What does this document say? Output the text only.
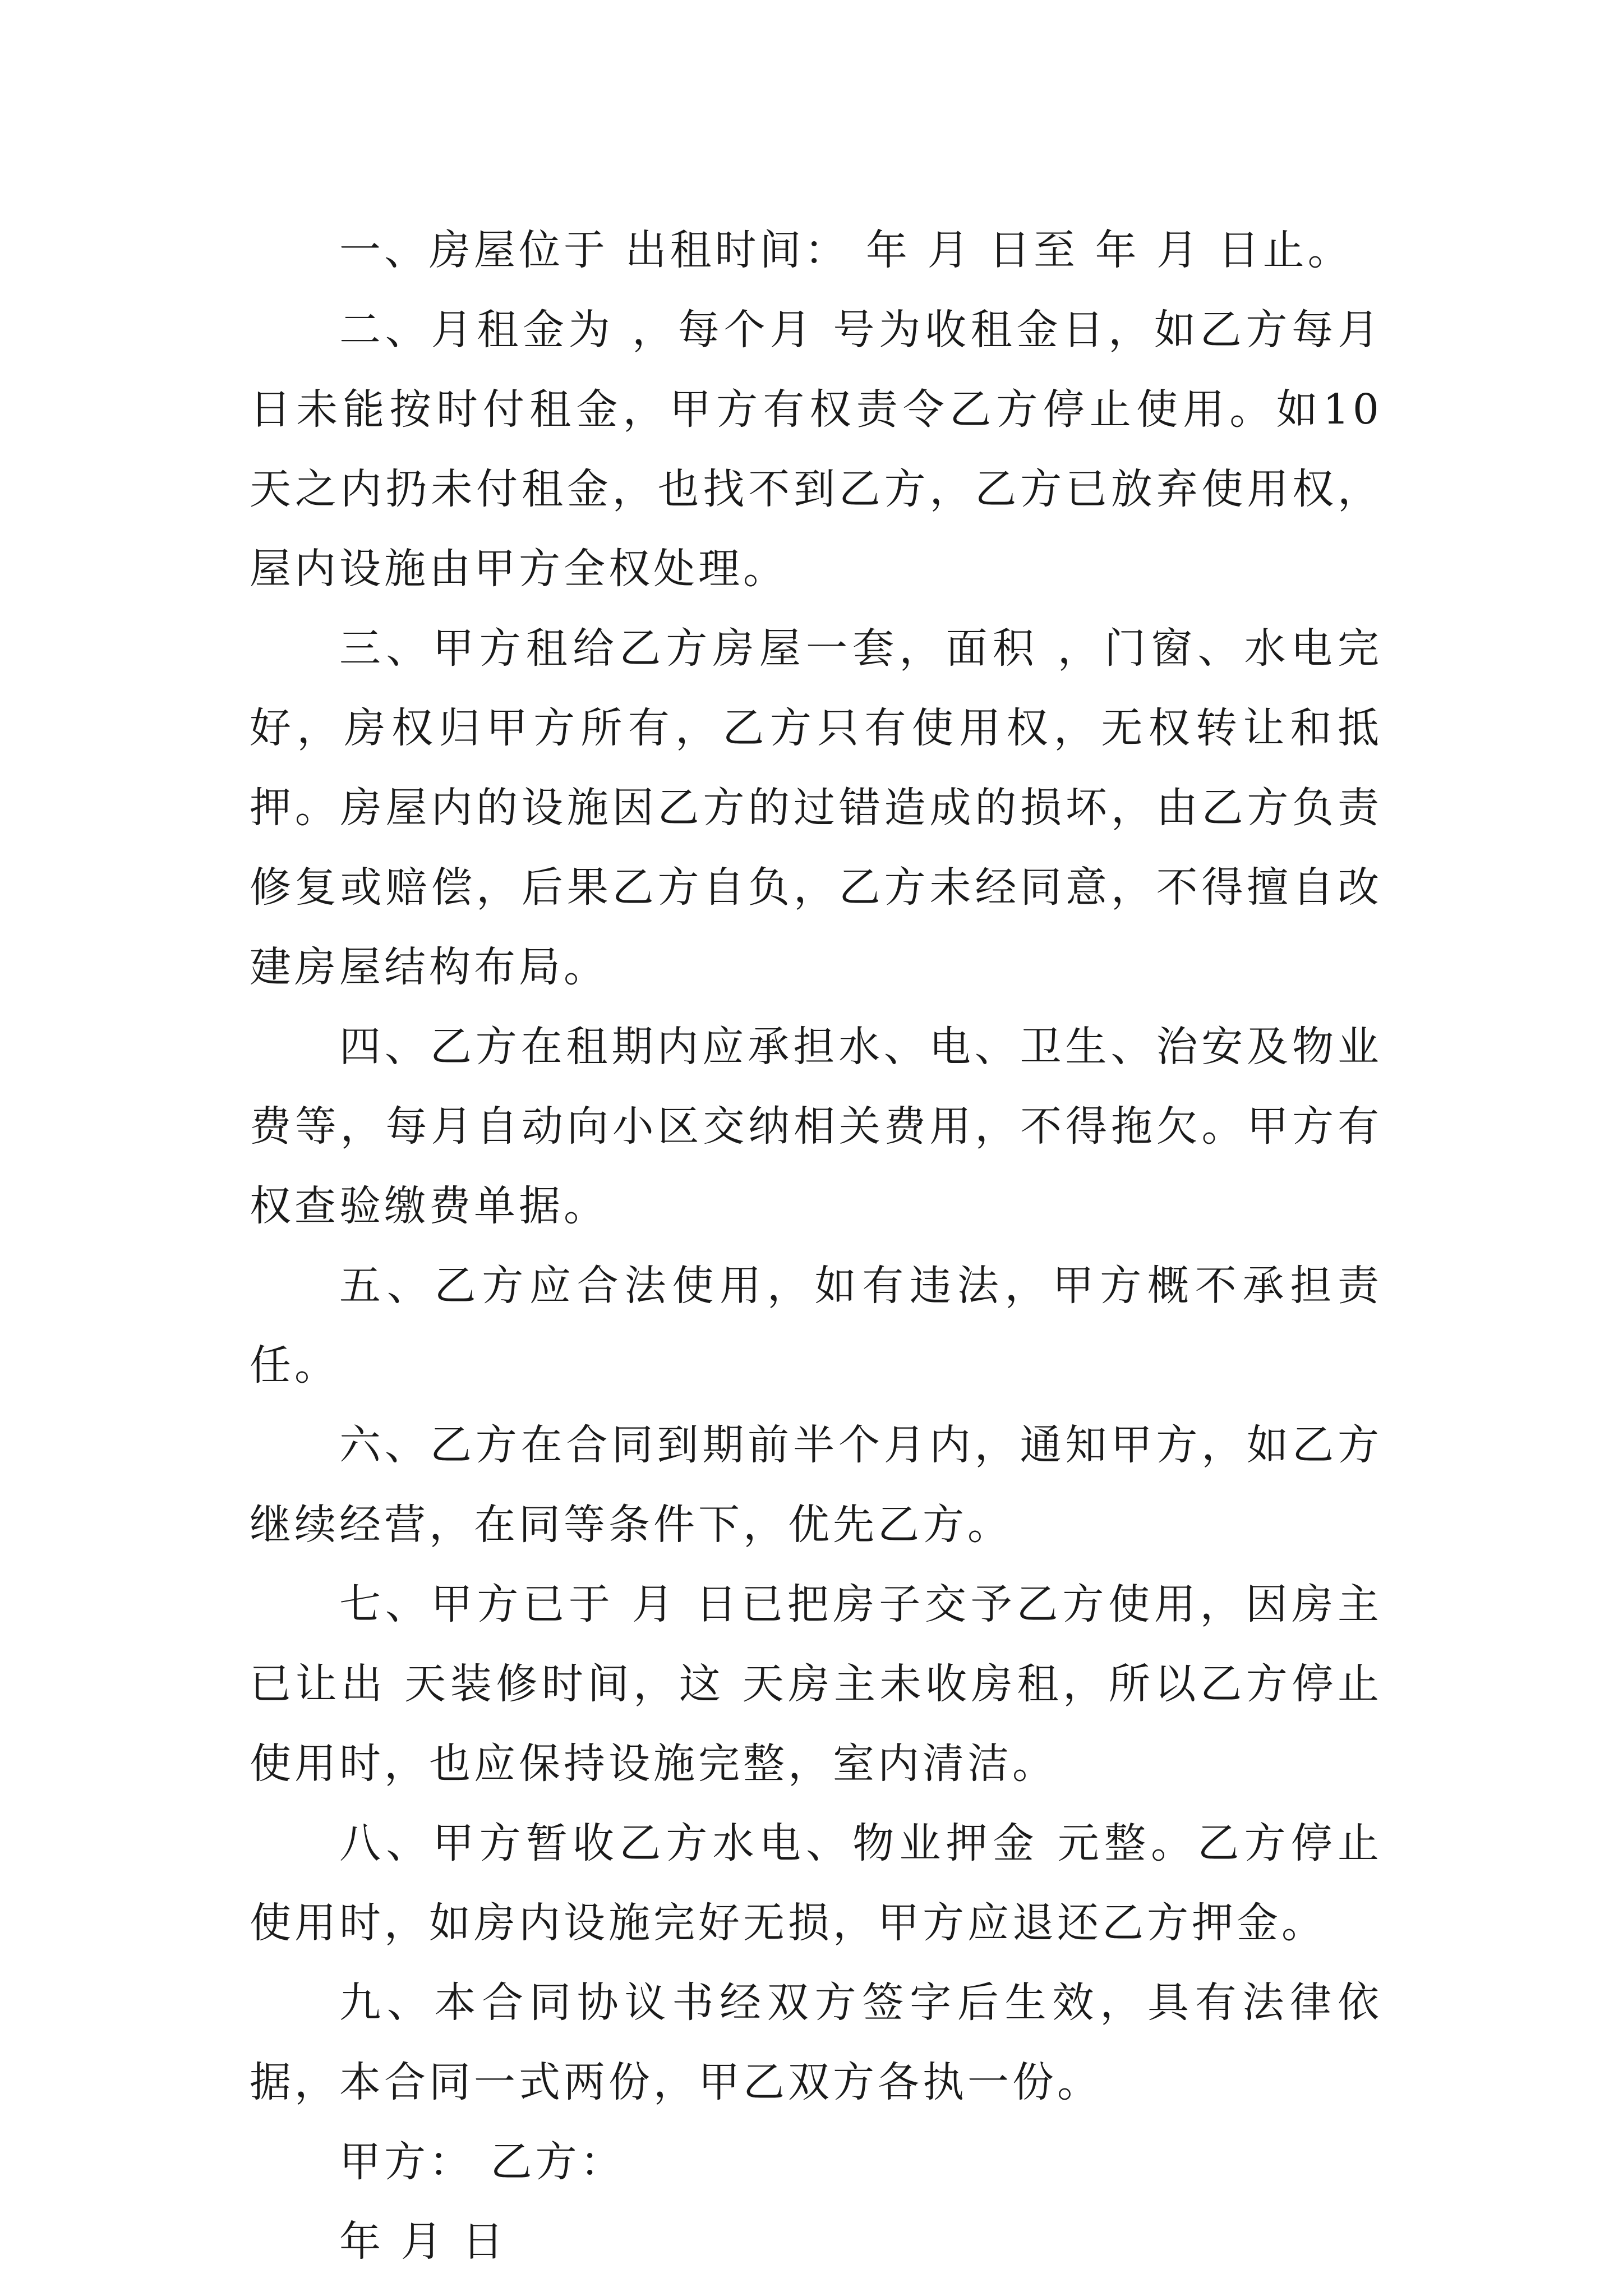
一、房屋位于 出租时间： 年 月 日至 年 月 日止。

二、月租金为 ，每个月 号为收租金日，如乙方每月 日未能按时付租金，甲方有权责令乙方停止使用。如10天之内扔未付租金，也找不到乙方，乙方已放弃使用权，屋内设施由甲方全权处理。

三、甲方租给乙方房屋一套，面积 ，门窗、水电完好，房权归甲方所有，乙方只有使用权，无权转让和抵押。房屋内的设施因乙方的过错造成的损坏，由乙方负责修复或赔偿，后果乙方自负，乙方未经同意，不得擅自改建房屋结构布局。

四、乙方在租期内应承担水、电、卫生、治安及物业费等，每月自动向小区交纳相关费用，不得拖欠。甲方有权查验缴费单据。

五、乙方应合法使用，如有违法，甲方概不承担责任。

六、乙方在合同到期前半个月内，通知甲方，如乙方继续经营，在同等条件下，优先乙方。

七、甲方已于 月 日已把房子交予乙方使用，因房主已让出 天装修时间，这 天房主未收房租，所以乙方停止使用时，也应保持设施完整，室内清洁。

八、甲方暂收乙方水电、物业押金 元整。乙方停止使用时，如房内设施完好无损，甲方应退还乙方押金。

九、本合同协议书经双方签字后生效，具有法律依据，本合同一式两份，甲乙双方各执一份。

甲方： 乙方：

年 月 日
